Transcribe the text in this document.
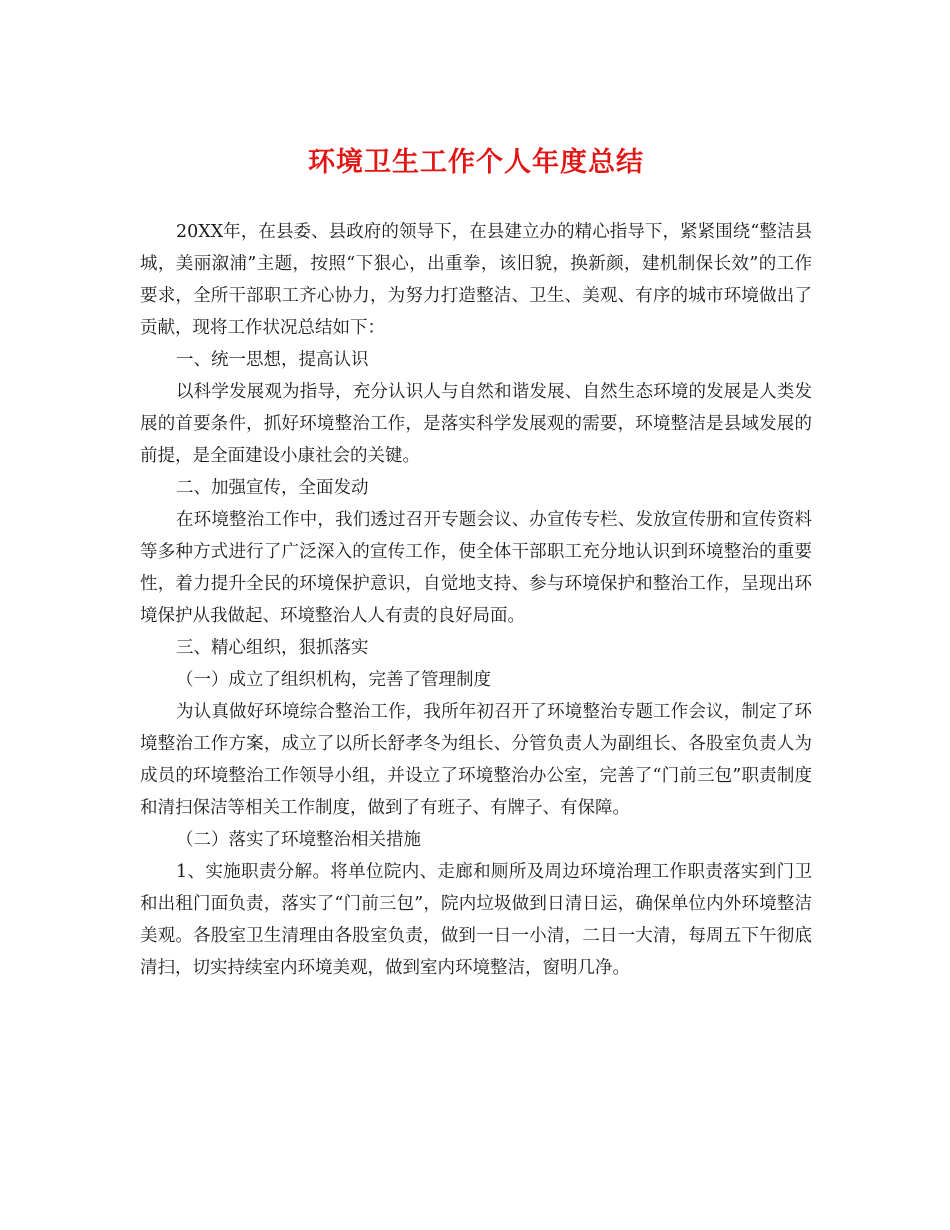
环境卫生工作个人年度总结

20XX年，在县委、县政府的领导下，在县建立办的精心指导下，紧紧围绕“整洁县城，美丽溆浦”主题，按照“下狠心，出重拳，该旧貌，换新颜，建机制保长效”的工作要求，全所干部职工齐心协力，为努力打造整洁、卫生、美观、有序的城市环境做出了贡献，现将工作状况总结如下：

一、统一思想，提高认识

以科学发展观为指导，充分认识人与自然和谐发展、自然生态环境的发展是人类发展的首要条件，抓好环境整治工作，是落实科学发展观的需要，环境整洁是县域发展的前提，是全面建设小康社会的关键。

二、加强宣传，全面发动

在环境整治工作中，我们透过召开专题会议、办宣传专栏、发放宣传册和宣传资料等多种方式进行了广泛深入的宣传工作，使全体干部职工充分地认识到环境整治的重要性，着力提升全民的环境保护意识，自觉地支持、参与环境保护和整治工作，呈现出环境保护从我做起、环境整治人人有责的良好局面。

三、精心组织，狠抓落实

（一）成立了组织机构，完善了管理制度

为认真做好环境综合整治工作，我所年初召开了环境整治专题工作会议，制定了环境整治工作方案，成立了以所长舒孝冬为组长、分管负责人为副组长、各股室负责人为成员的环境整治工作领导小组，并设立了环境整治办公室，完善了“门前三包”职责制度和清扫保洁等相关工作制度，做到了有班子、有牌子、有保障。

（二）落实了环境整治相关措施

1、实施职责分解。将单位院内、走廊和厕所及周边环境治理工作职责落实到门卫和出租门面负责，落实了“门前三包”，院内垃圾做到日清日运，确保单位内外环境整洁美观。各股室卫生清理由各股室负责，做到一日一小清，二日一大清，每周五下午彻底清扫，切实持续室内环境美观，做到室内环境整洁，窗明几净。
